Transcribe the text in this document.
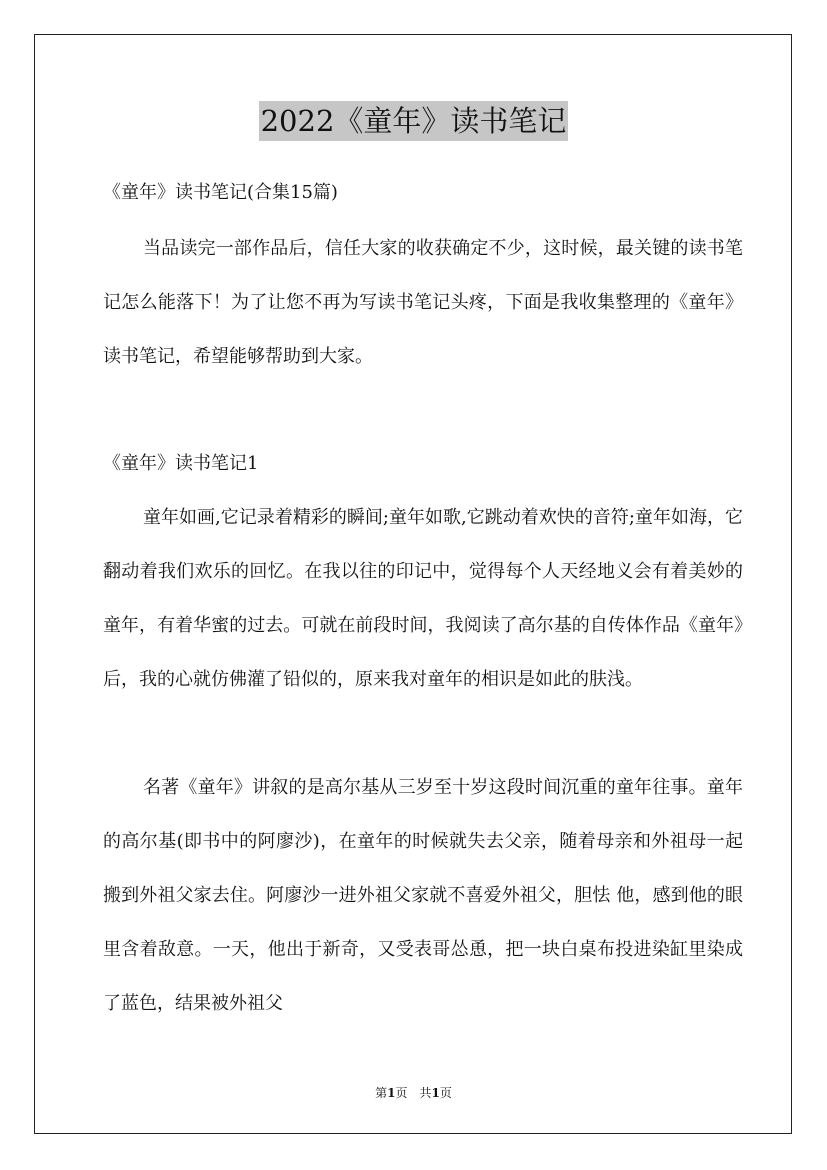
2022《童年》读书笔记
《童年》读书笔记(合集15篇)

当品读完一部作品后，信任大家的收获确定不少，这时候，最关键的读书笔记怎么能落下！为了让您不再为写读书笔记头疼，下面是我收集整理的《童年》读书笔记，希望能够帮助到大家。

《童年》读书笔记1

童年如画,它记录着精彩的瞬间;童年如歌,它跳动着欢快的音符;童年如海，它翻动着我们欢乐的回忆。在我以往的印记中，觉得每个人天经地义会有着美妙的童年，有着华蜜的过去。可就在前段时间，我阅读了高尔基的自传体作品《童年》后，我的心就仿佛灌了铅似的，原来我对童年的相识是如此的肤浅。

名著《童年》讲叙的是高尔基从三岁至十岁这段时间沉重的童年往事。童年的高尔基(即书中的阿廖沙)，在童年的时候就失去父亲，随着母亲和外祖母一起搬到外祖父家去住。阿廖沙一进外祖父家就不喜爱外祖父，胆怯 他，感到他的眼里含着敌意。一天，他出于新奇，又受表哥怂恿，把一块白桌布投进染缸里染成了蓝色，结果被外祖父

第1页　共1页
